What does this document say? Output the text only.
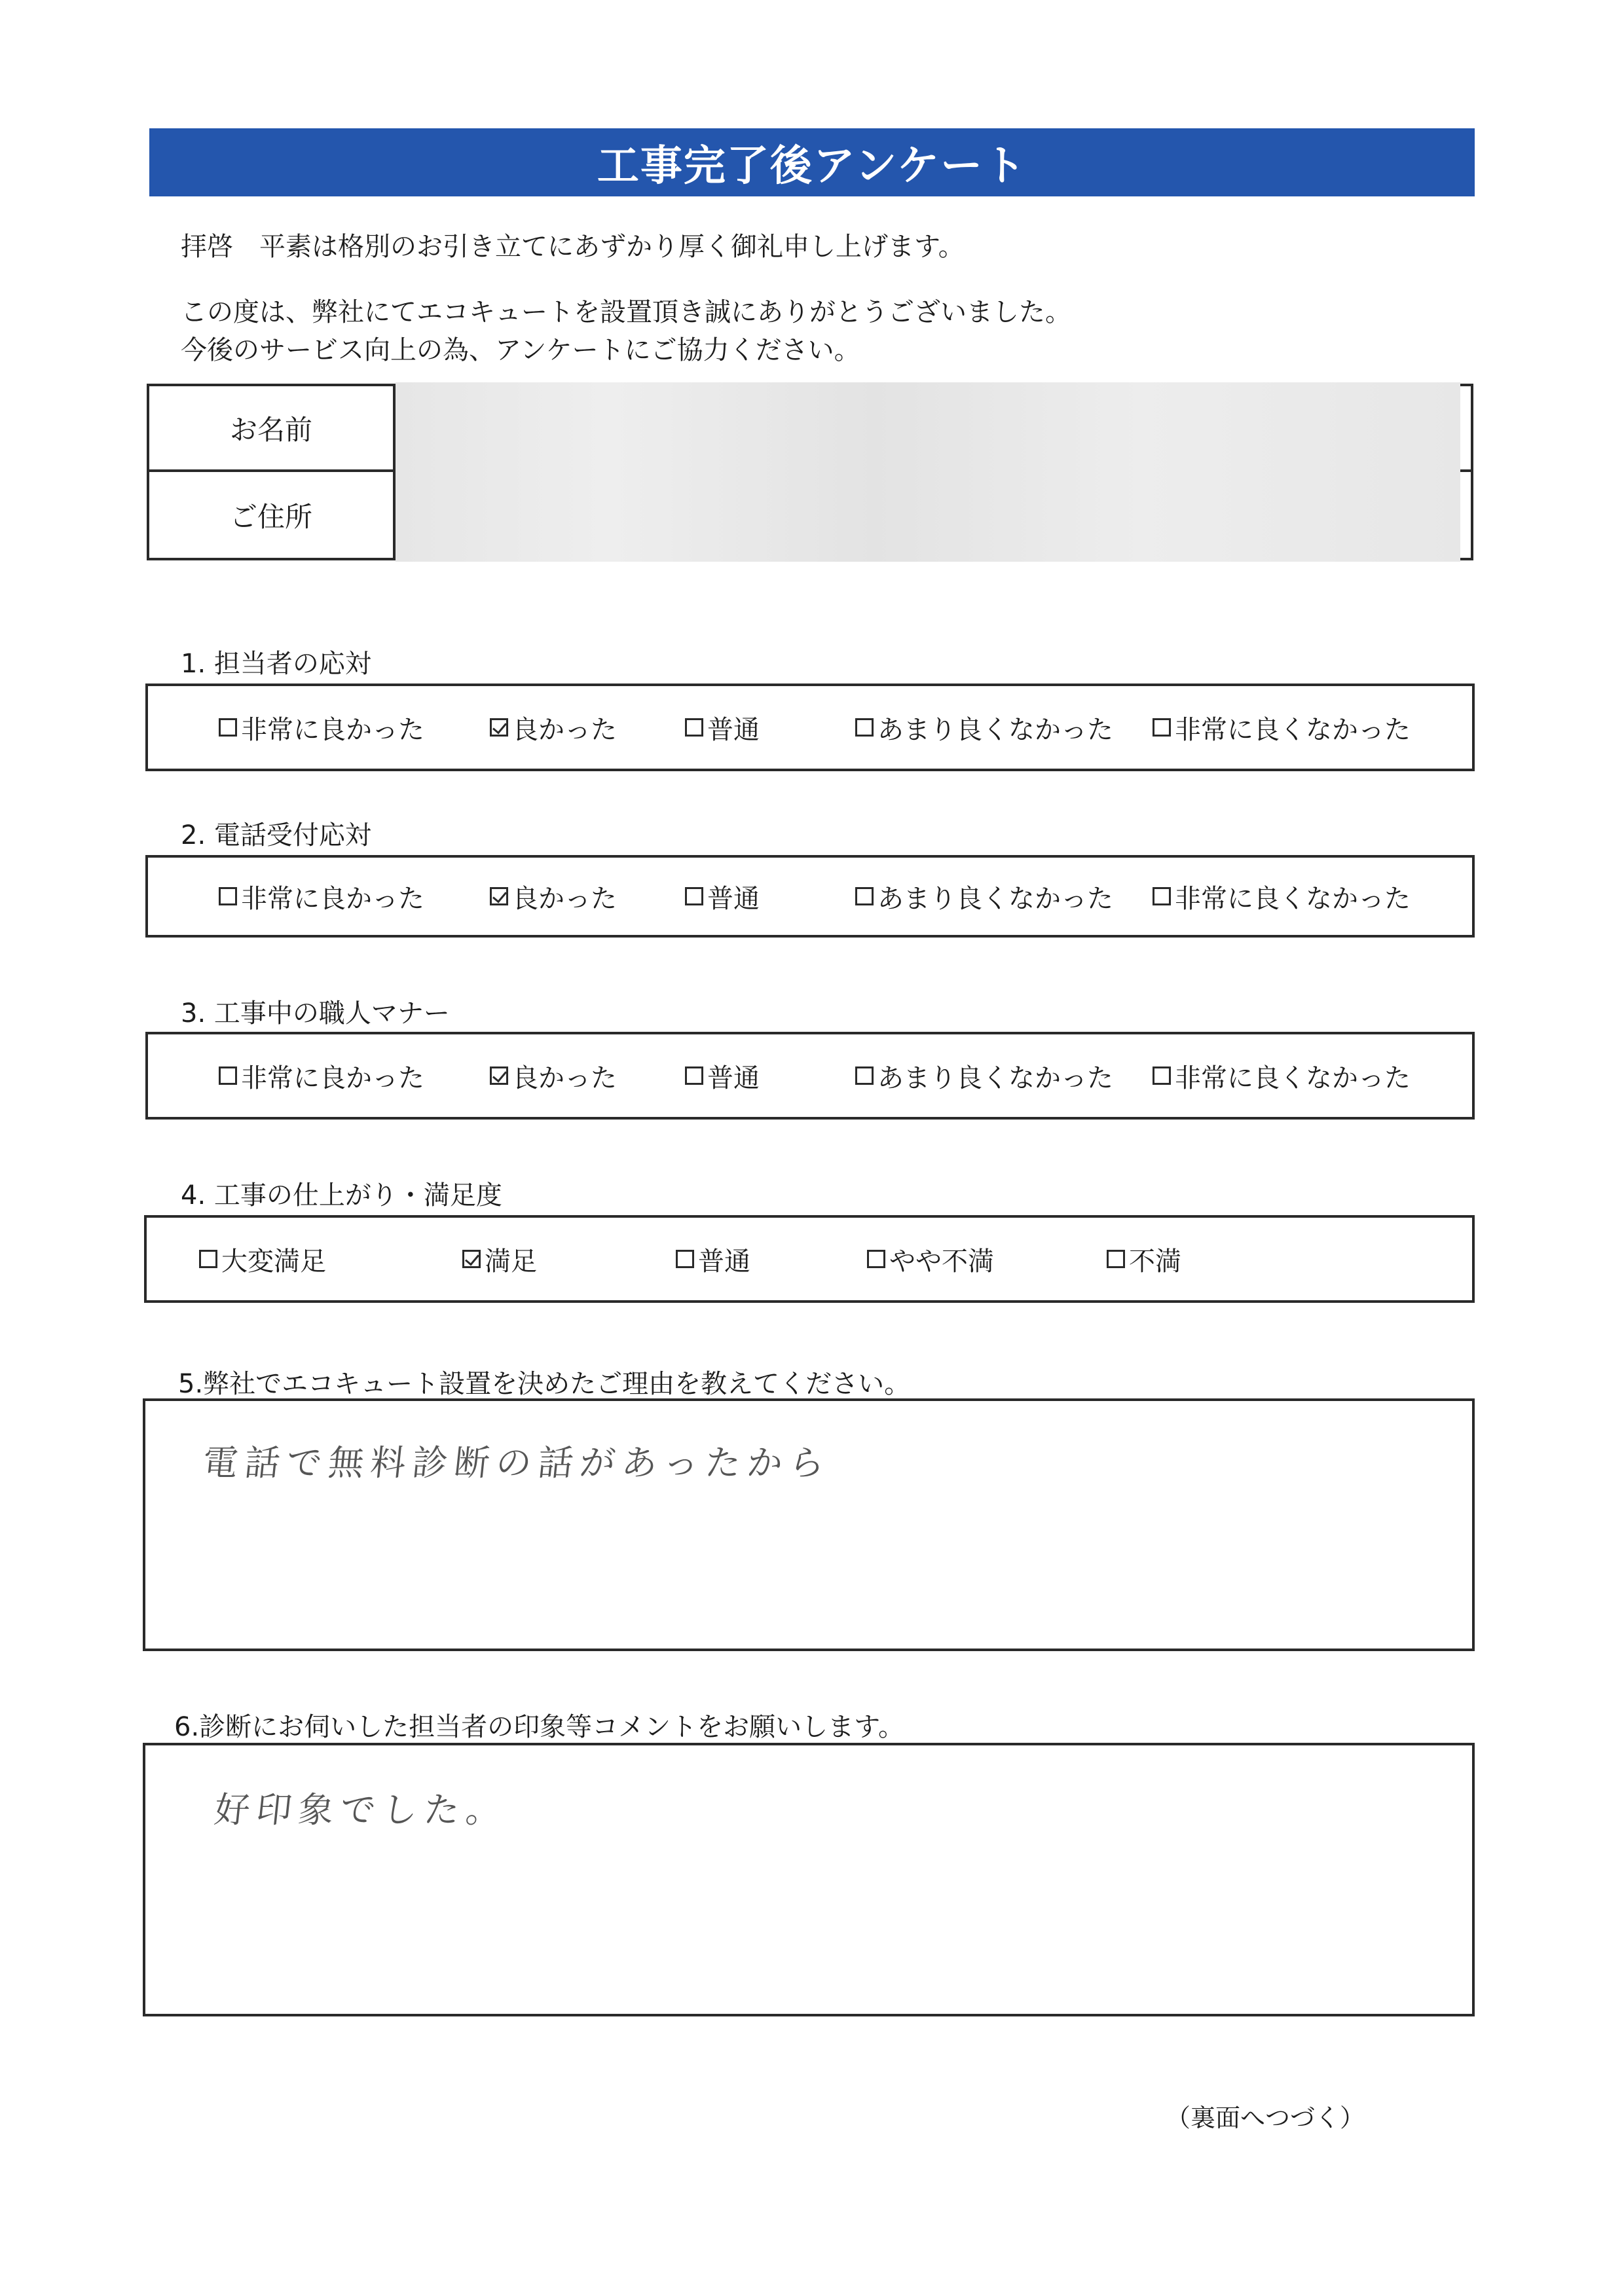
工事完了後アンケート
拝啓　平素は格別のお引き立てにあずかり厚く御礼申し上げます。
この度は、弊社にてエコキュートを設置頂き誠にありがとうございました。
今後のサービス向上の為、アンケートにご協力ください。
お名前
ご住所
1. 担当者の応対
非常に良かった	良かった	普通	あまり良くなかった 非常に良くなかった
2. 電話受付応対
非常に良かった	良かった	普通	あまり良くなかった 非常に良くなかった
3. 工事中の職人マナー
非常に良かった	良かった	普通	あまり良くなかった 非常に良くなかった
4. 工事の仕上がり・満足度
大変満足	満足	普通	やや不満	不満
5.弊社でエコキュート設置を決めたご理由を教えてください。
電話で無料診断の話があったから
6.診断にお伺いした担当者の印象等コメントをお願いします。
好印象でした。
（裏面へつづく）
